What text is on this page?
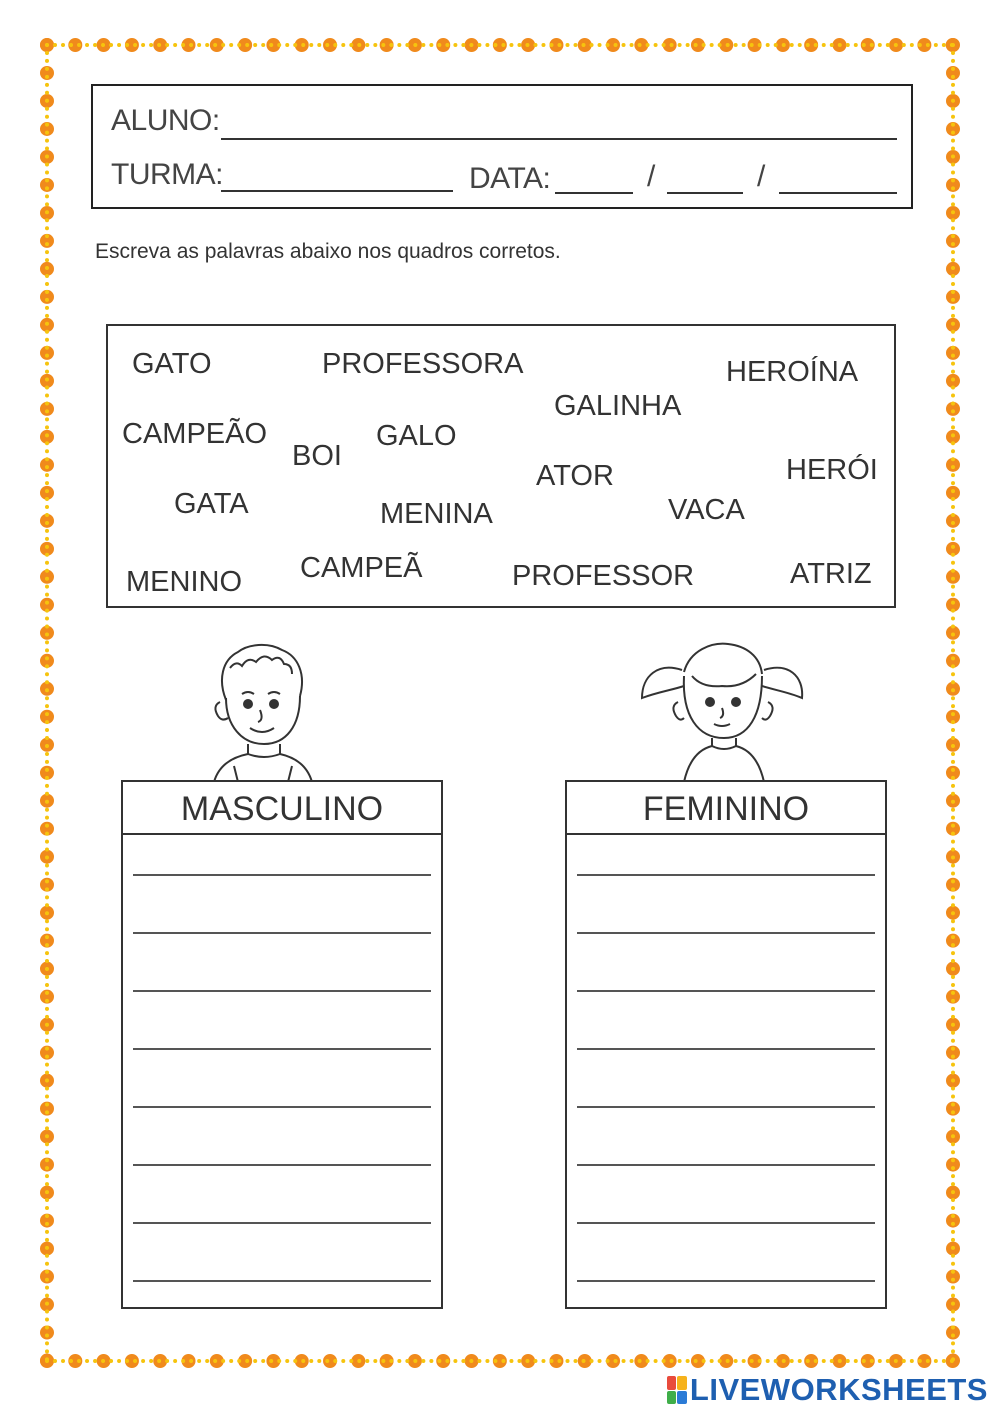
ALUNO:
TURMA:	DATA:	/	/
Escreva as palavras abaixo nos quadros corretos.
GATO	PROFESSORA	HEROÍNA
GALINHA
CAMPEÃO
BOI
GALO
ATOR	HERÓI
GATA	MENINA	VACA
MENINO CAMPEÃ	PROFESSOR	ATRIZ
MASCULINO	FEMININO
LIVEWORKSHEETS
